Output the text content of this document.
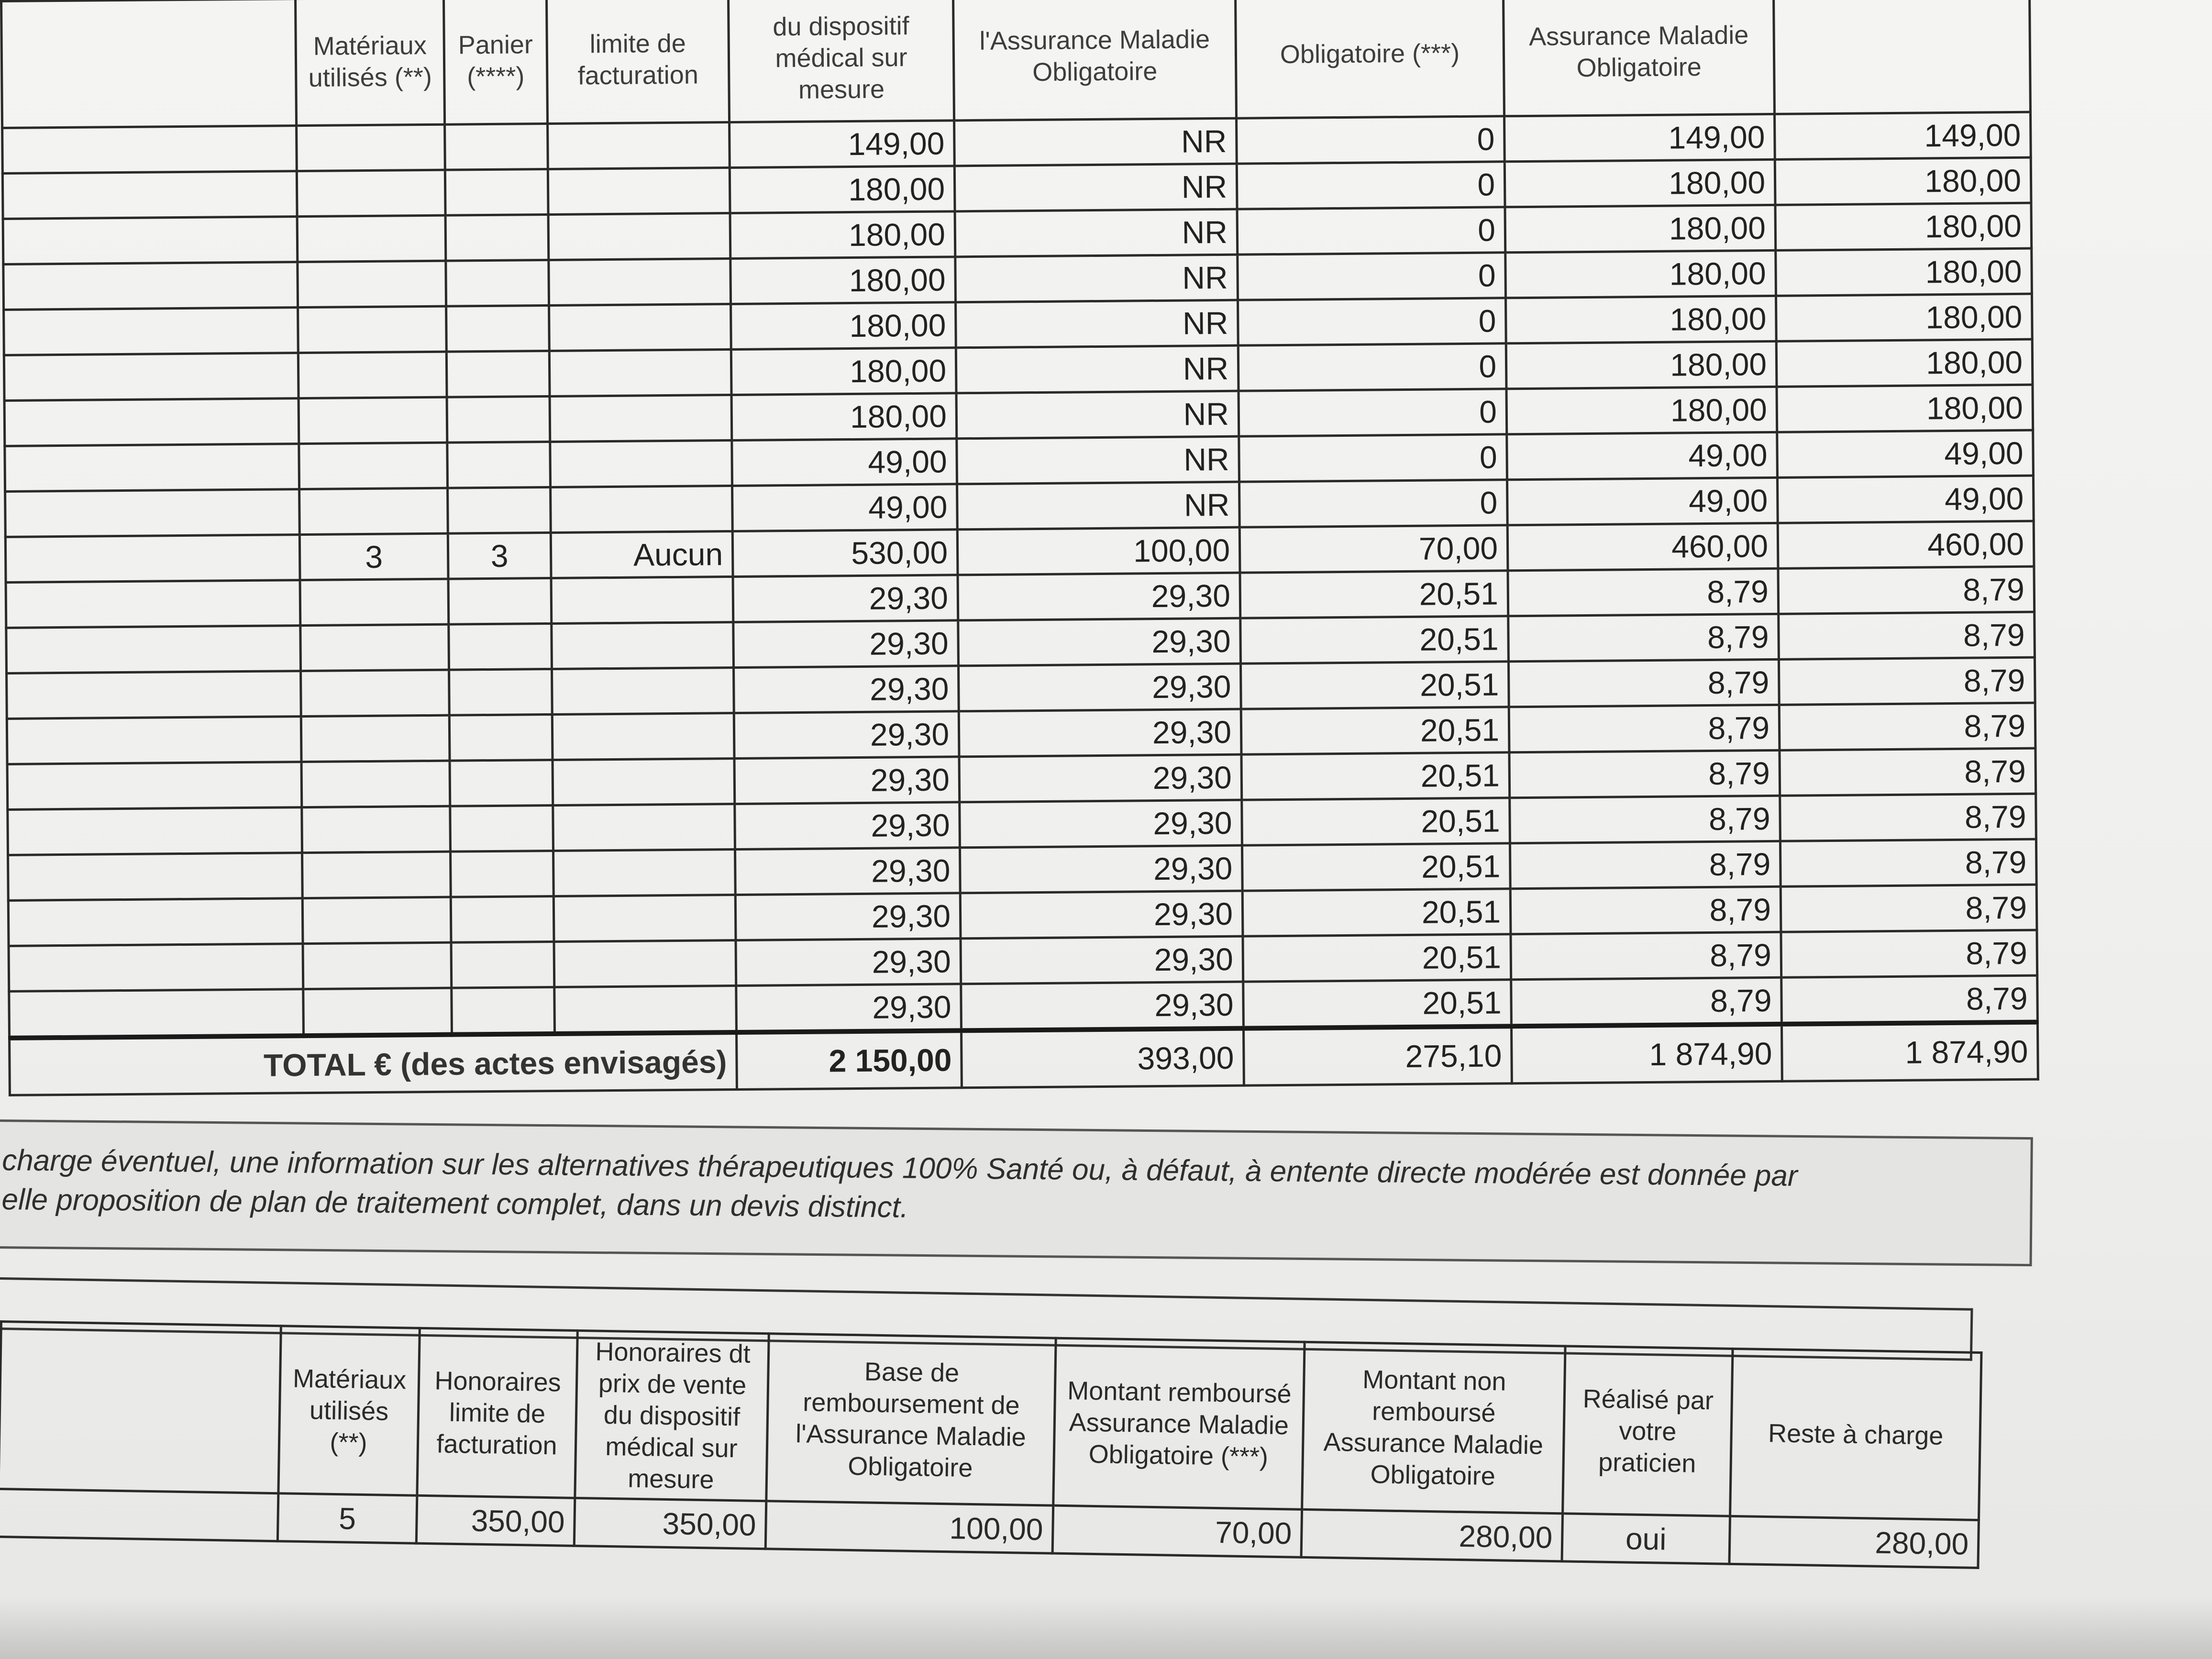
	Matériaux utilisés (**)	Panier (****)	limite de facturation	du dispositif médical sur mesure	l'Assurance Maladie Obligatoire	Obligatoire (***)	Assurance Maladie Obligatoire	
				149,00	NR	0	149,00	149,00
				180,00	NR	0	180,00	180,00
				180,00	NR	0	180,00	180,00
				180,00	NR	0	180,00	180,00
				180,00	NR	0	180,00	180,00
				180,00	NR	0	180,00	180,00
				180,00	NR	0	180,00	180,00
				49,00	NR	0	49,00	49,00
				49,00	NR	0	49,00	49,00
	3	3	Aucun	530,00	100,00	70,00	460,00	460,00
				29,30	29,30	20,51	8,79	8,79
				29,30	29,30	20,51	8,79	8,79
				29,30	29,30	20,51	8,79	8,79
				29,30	29,30	20,51	8,79	8,79
				29,30	29,30	20,51	8,79	8,79
				29,30	29,30	20,51	8,79	8,79
				29,30	29,30	20,51	8,79	8,79
				29,30	29,30	20,51	8,79	8,79
				29,30	29,30	20,51	8,79	8,79
				29,30	29,30	20,51	8,79	8,79
TOTAL € (des actes envisagés)				2 150,00	393,00	275,10	1 874,90	1 874,90

charge éventuel, une information sur les alternatives thérapeutiques 100% Santé ou, à défaut, à entente directe modérée est donnée par

elle proposition de plan de traitement complet, dans un devis distinct.

	Matériaux utilisés (**)	Honoraires limite de facturation	Honoraires dt prix de vente du dispositif médical sur mesure	Base de remboursement de l'Assurance Maladie Obligatoire	Montant remboursé Assurance Maladie Obligatoire (***)	Montant non remboursé Assurance Maladie Obligatoire	Réalisé par votre praticien	Reste à charge
	5	350,00	350,00	100,00	70,00	280,00	oui	280,00
